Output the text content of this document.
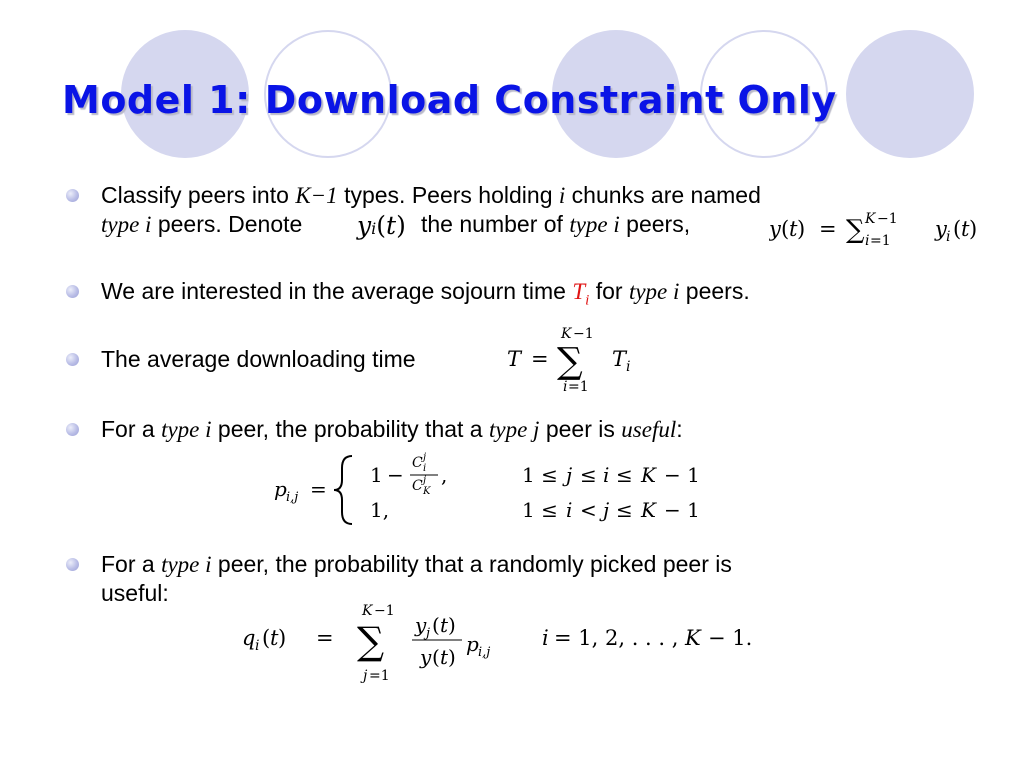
Model 1: Download Constraint Only
Classify peers into K−1 types. Peers holding i chunks are named
type i peers. Denote yi(t) the number of type i peers,	y ( t ) = ∑ K −1
i =1 y i ( t )
We are interested in the average sojourn time $T_i$ for type i peers.
The average downloading time	T = ∑
K −1
i =1
T i
For a type i peer, the probability that a type j peer is useful:
p i,j =
1 − C j
i
C j
K
,	1 ≤ j ≤ i ≤ K − 1
1,	1 ≤ i < j ≤ K − 1
For a type i peer, the probability that a randomly picked peer is
useful:
q i ( t ) =
K −1
∑
j =1
y j ( t )
y ( t )
p i,j
i = 1, 2, . . . , K − 1.
